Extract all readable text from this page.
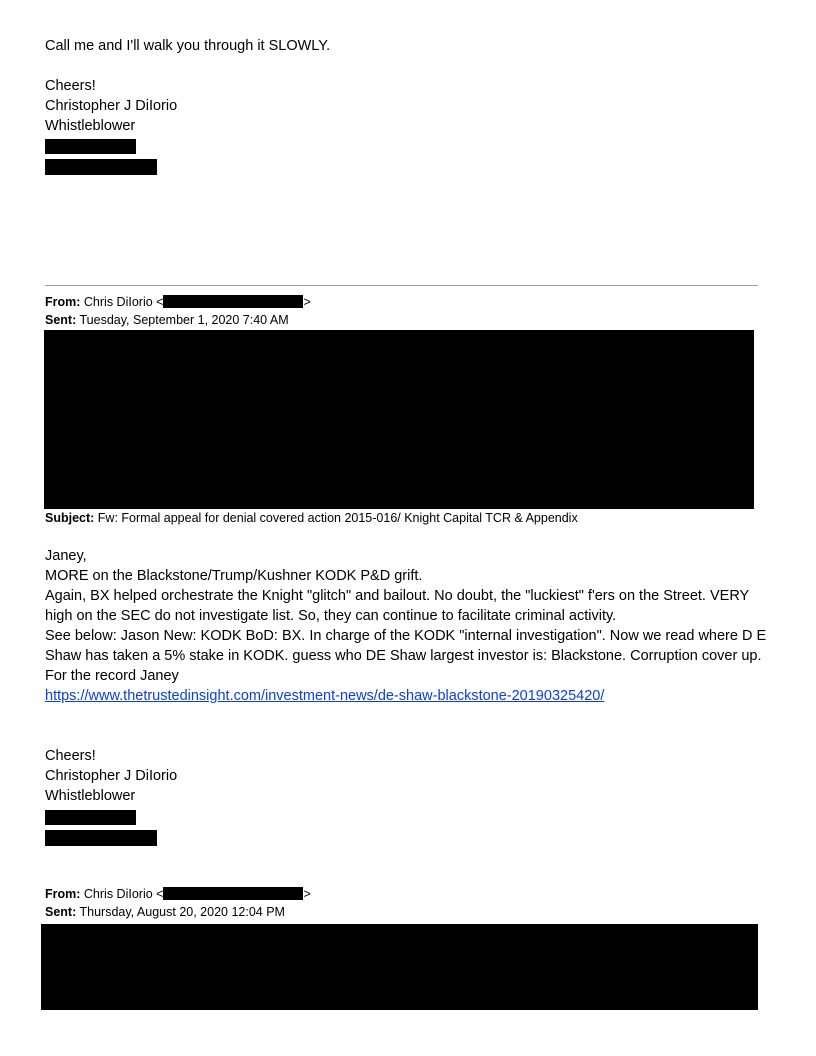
Call me and I'll walk you through it SLOWLY.
Cheers!
Christopher J DiIorio
Whistleblower
From: Chris DiIorio <	>
Sent: Tuesday, September 1, 2020 7:40 AM
Subject: Fw: Formal appeal for denial covered action 2015-016/ Knight Capital TCR & Appendix
Janey,
MORE on the Blackstone/Trump/Kushner KODK P&D grift.
Again, BX helped orchestrate the Knight "glitch" and bailout. No doubt, the "luckiest" f'ers on the Street. VERY high on the SEC do not investigate list. So, they can continue to facilitate criminal activity.
See below: Jason New: KODK BoD: BX. In charge of the KODK "internal investigation". Now we read where D E Shaw has taken a 5% stake in KODK. guess who DE Shaw largest investor is: Blackstone. Corruption cover up. For the record Janey
https://www.thetrustedinsight.com/investment-news/de-shaw-blackstone-20190325420/
Cheers!
Christopher J DiIorio
Whistleblower
From: Chris DiIorio <	>
Sent: Thursday, August 20, 2020 12:04 PM
